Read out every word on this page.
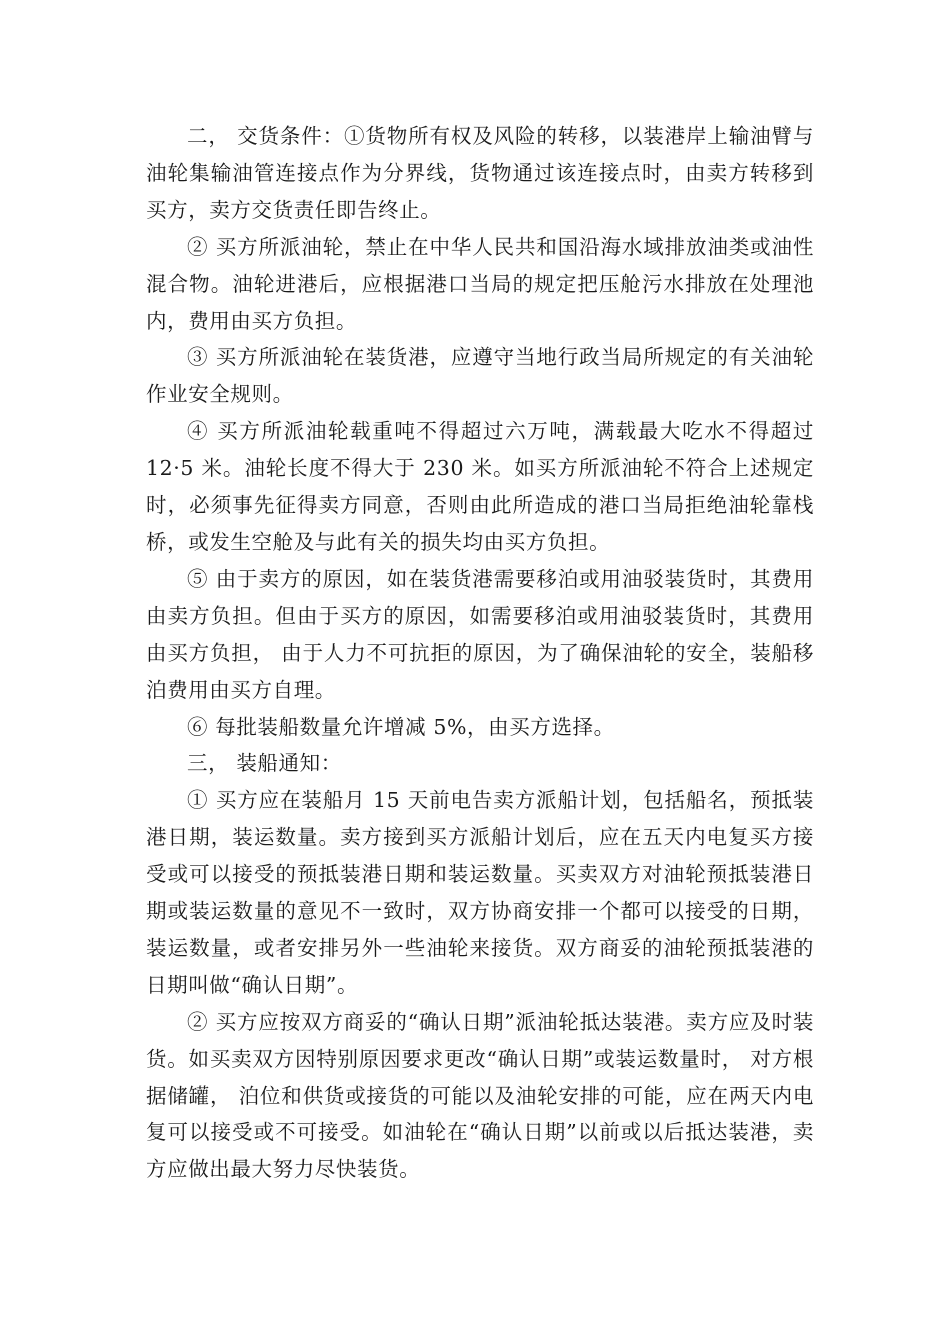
二， 交货条件：①货物所有权及风险的转移，以装港岸上输油臂与油轮集输油管连接点作为分界线，货物通过该连接点时，由卖方转移到买方，卖方交货责任即告终止。

② 买方所派油轮，禁止在中华人民共和国沿海水域排放油类或油性混合物。油轮进港后，应根据港口当局的规定把压舱污水排放在处理池内，费用由买方负担。

③ 买方所派油轮在装货港，应遵守当地行政当局所规定的有关油轮作业安全规则。

④ 买方所派油轮载重吨不得超过六万吨，满载最大吃水不得超过 12·5 米。油轮长度不得大于 230 米。如买方所派油轮不符合上述规定时，必须事先征得卖方同意，否则由此所造成的港口当局拒绝油轮靠栈桥，或发生空舱及与此有关的损失均由买方负担。

⑤ 由于卖方的原因，如在装货港需要移泊或用油驳装货时，其费用由卖方负担。但由于买方的原因，如需要移泊或用油驳装货时，其费用由买方负担， 由于人力不可抗拒的原因，为了确保油轮的安全，装船移泊费用由买方自理。

⑥ 每批装船数量允许增减 5%，由买方选择。

三， 装船通知：

① 买方应在装船月 15 天前电告卖方派船计划，包括船名，预抵装港日期，装运数量。卖方接到买方派船计划后，应在五天内电复买方接受或可以接受的预抵装港日期和装运数量。买卖双方对油轮预抵装港日期或装运数量的意见不一致时，双方协商安排一个都可以接受的日期，装运数量，或者安排另外一些油轮来接货。双方商妥的油轮预抵装港的日期叫做“确认日期”。

② 买方应按双方商妥的“确认日期”派油轮抵达装港。卖方应及时装货。如买卖双方因特别原因要求更改“确认日期”或装运数量时， 对方根据储罐， 泊位和供货或接货的可能以及油轮安排的可能，应在两天内电复可以接受或不可接受。如油轮在“确认日期”以前或以后抵达装港，卖方应做出最大努力尽快装货。
